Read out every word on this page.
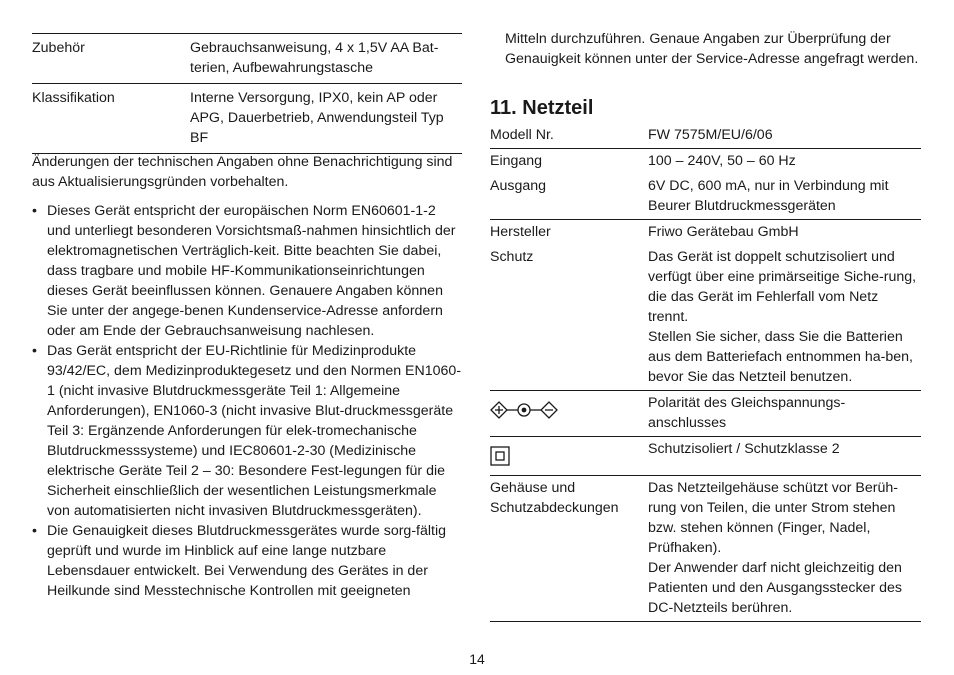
Zubehör	Gebrauchsanweisung, 4 x 1,5V AA Bat-terien, Aufbewahrungstasche
Klassifikation	Interne Versorgung, IPX0, kein AP oder APG, Dauerbetrieb, Anwendungsteil Typ BF

Änderungen der technischen Angaben ohne Benachrichtigung sind aus Aktualisierungsgründen vorbehalten.

• Dieses Gerät entspricht der europäischen Norm EN60601-1-2 und unterliegt besonderen Vorsichtsmaß-nahmen hinsichtlich der elektromagnetischen Verträglich-keit. Bitte beachten Sie dabei, dass tragbare und mobile HF-Kommunikationseinrichtungen dieses Gerät beeinflussen können. Genauere Angaben können Sie unter der angege-benen Kundenservice-Adresse anfordern oder am Ende der Gebrauchsanweisung nachlesen.
• Das Gerät entspricht der EU-Richtlinie für Medizinprodukte 93/42/EC, dem Medizinproduktegesetz und den Normen EN1060-1 (nicht invasive Blutdruckmessgeräte Teil 1: Allgemeine Anforderungen), EN1060-3 (nicht invasive Blut-druckmessgeräte Teil 3: Ergänzende Anforderungen für elek-tromechanische Blutdruckmesssysteme) und IEC80601-2-30 (Medizinische elektrische Geräte Teil 2 – 30: Besondere Fest-legungen für die Sicherheit einschließlich der wesentlichen Leistungsmerkmale von automatisierten nicht invasiven Blutdruckmessgeräten).
• Die Genauigkeit dieses Blutdruckmessgerätes wurde sorg-fältig geprüft und wurde im Hinblick auf eine lange nutzbare Lebensdauer entwickelt. Bei Verwendung des Gerätes in der Heilkunde sind Messtechnische Kontrollen mit geeigneten

Mitteln durchzuführen. Genaue Angaben zur Überprüfung der Genauigkeit können unter der Service-Adresse angefragt werden.

11. Netzteil
Modell Nr.	FW 7575M/EU/6/06
Eingang	100 – 240V, 50 – 60 Hz
Ausgang	6V DC, 600 mA, nur in Verbindung mit Beurer Blutdruckmessgeräten
Hersteller	Friwo Gerätebau GmbH
Schutz	Das Gerät ist doppelt schutzisoliert und verfügt über eine primärseitige Siche-rung, die das Gerät im Fehlerfall vom Netz trennt.
Stellen Sie sicher, dass Sie die Batterien aus dem Batteriefach entnommen ha-ben, bevor Sie das Netzteil benutzen.

	Polarität des Gleichspannungs-anschlusses
	Schutzisoliert / Schutzklasse 2
Gehäuse und Schutzabdeckungen	Das Netzteilgehäuse schützt vor Berüh-rung von Teilen, die unter Strom stehen bzw. stehen können (Finger, Nadel, Prüfhaken).
Der Anwender darf nicht gleichzeitig den Patienten und den Ausgangsstecker des DC-Netzteils berühren.
14
